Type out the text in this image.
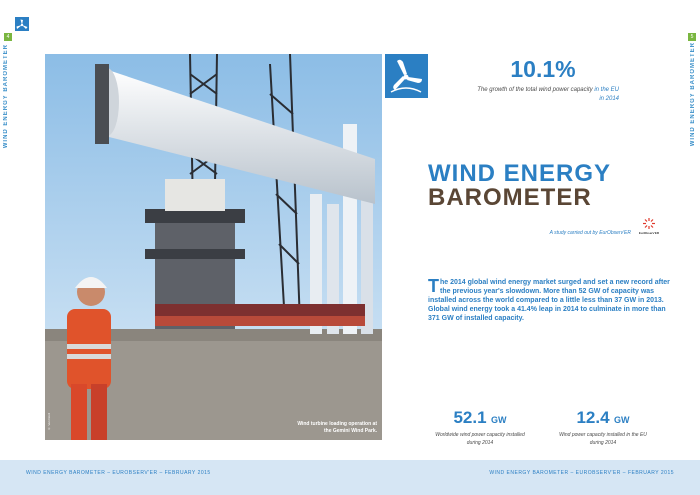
4
WIND ENERGY BAROMETER
5
WIND ENERGY BAROMETER
Wind turbine loading operation at the Gemini Wind Park.
© Van Oord
10.1%
The growth of the total wind power capacity in the EU in 2014
WIND ENERGY
BAROMETER
A study carried out by EurObserv'ER	EurObserv'ER
The 2014 global wind energy market surged and set a new record after the previous year's slowdown. More than 52 GW of capacity was installed across the world compared to a little less than 37 GW in 2013. Global wind energy took a 41.4% leap in 2014 to culminate in more than 371 GW of installed capacity.
52.1 GW
Worldwide wind power capacity installed during 2014
12.4 GW
Wind power capacity installed in the EU during 2014
WIND ENERGY BAROMETER – EUROBSERV'ER – FEBRUARY 2015	WIND ENERGY BAROMETER – EUROBSERV'ER – FEBRUARY 2015
